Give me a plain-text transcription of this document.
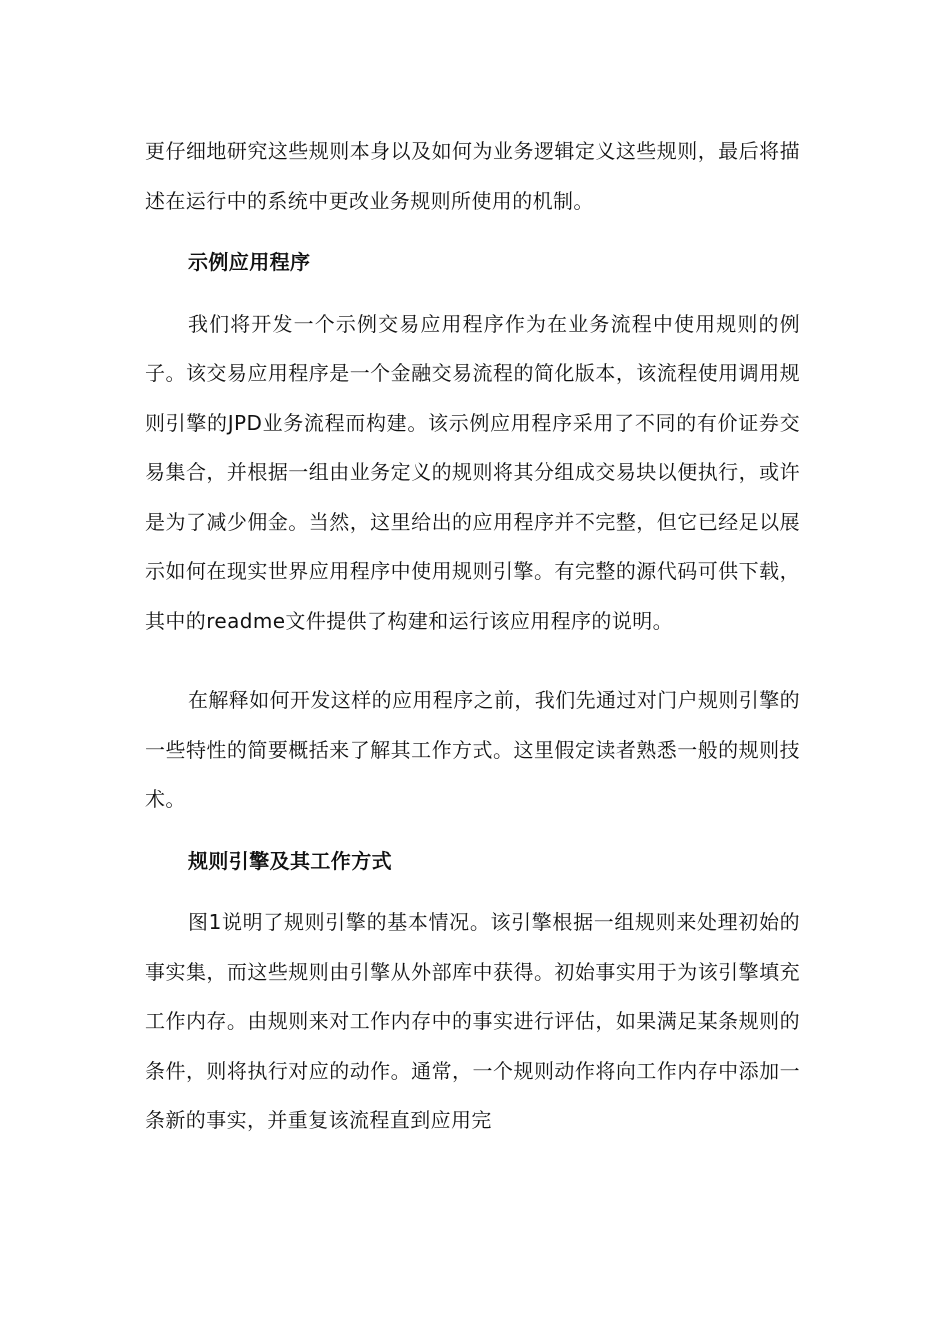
更仔细地研究这些规则本身以及如何为业务逻辑定义这些规则，最后将描述在运行中的系统中更改业务规则所使用的机制。

示例应用程序

我们将开发一个示例交易应用程序作为在业务流程中使用规则的例子。该交易应用程序是一个金融交易流程的简化版本，该流程使用调用规则引擎的JPD业务流程而构建。该示例应用程序采用了不同的有价证券交易集合，并根据一组由业务定义的规则将其分组成交易块以便执行，或许是为了减少佣金。当然，这里给出的应用程序并不完整，但它已经足以展示如何在现实世界应用程序中使用规则引擎。有完整的源代码可供下载，其中的readme文件提供了构建和运行该应用程序的说明。

在解释如何开发这样的应用程序之前，我们先通过对门户规则引擎的一些特性的简要概括来了解其工作方式。这里假定读者熟悉一般的规则技术。

规则引擎及其工作方式

图1说明了规则引擎的基本情况。该引擎根据一组规则来处理初始的事实集，而这些规则由引擎从外部库中获得。初始事实用于为该引擎填充工作内存。由规则来对工作内存中的事实进行评估，如果满足某条规则的条件，则将执行对应的动作。通常，一个规则动作将向工作内存中添加一条新的事实，并重复该流程直到应用完
